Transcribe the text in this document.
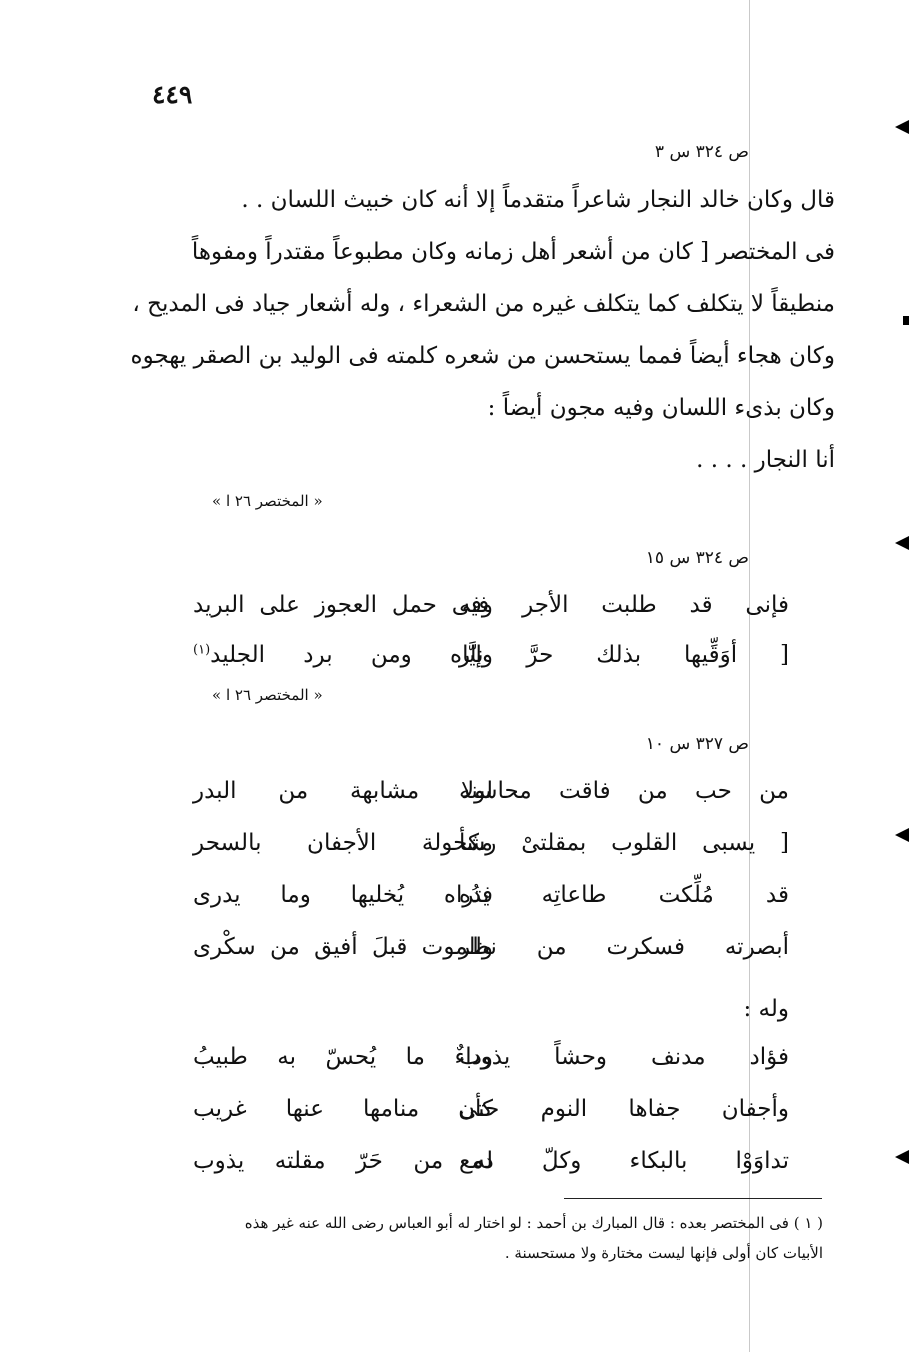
٤٤٩
ص ٣٢٤ س ٣
قال وكان خالد النجار شاعراً متقدماً إلا أنه كان خبيث اللسان . .
فى المختصر [ كان من أشعر أهل زمانه وكان مطبوعاً مقتدراً ومفوهاً
منطيقاً لا يتكلف كما يتكلف غيره من الشعراء ، وله أشعار جياد فى المديح ،
وكان هجاء أيضاً فمما يستحسن من شعره كلمته فى الوليد بن الصقر يهجوه
وكان بذىء اللسان وفيه مجون أيضاً :
أنا النجار . . . .
« المختصر ٢٦ ا »
ص ٣٢٤ س ١٥
فإنى قد طلبت الأجر فيه
وفى حمل العجوز على البريد
[ أوَقِّيها بذلك حرَّ نار
وإيَّاه ومن برد الجليد$^{(١)}$
« المختصر ٢٦ ا »
ص ٣٢٧ س ١٠
من حب من فاقت محاسنه
لولا مشابهة من البدر
[ يسبى القلوب بمقلتىْ رشأ
مكحولة الأجفان بالسحر
قد مُلِّكت طاعاتِه يدُه
فتراه يُخليها وما يدرى
أبصرته فسكرت من نظر
والموت قبلَ أفيق من سكْرى
وله :
فؤاد مدنف وحشاً يذوب
وداءٌ ما يُحسّ به طبيبُ
وأجفان جفاها النوم حتى
كأن منامها عنها غريب
تداوَوْا بالبكاء وكلّ دمع
له من حَرّ مقلته يذوب
( ١ ) فى المختصر بعده : قال المبارك بن أحمد : لو اختار له أبو العباس رضى الله عنه غير هذه
الأبيات كان أولى فإنها ليست مختارة ولا مستحسنة .
